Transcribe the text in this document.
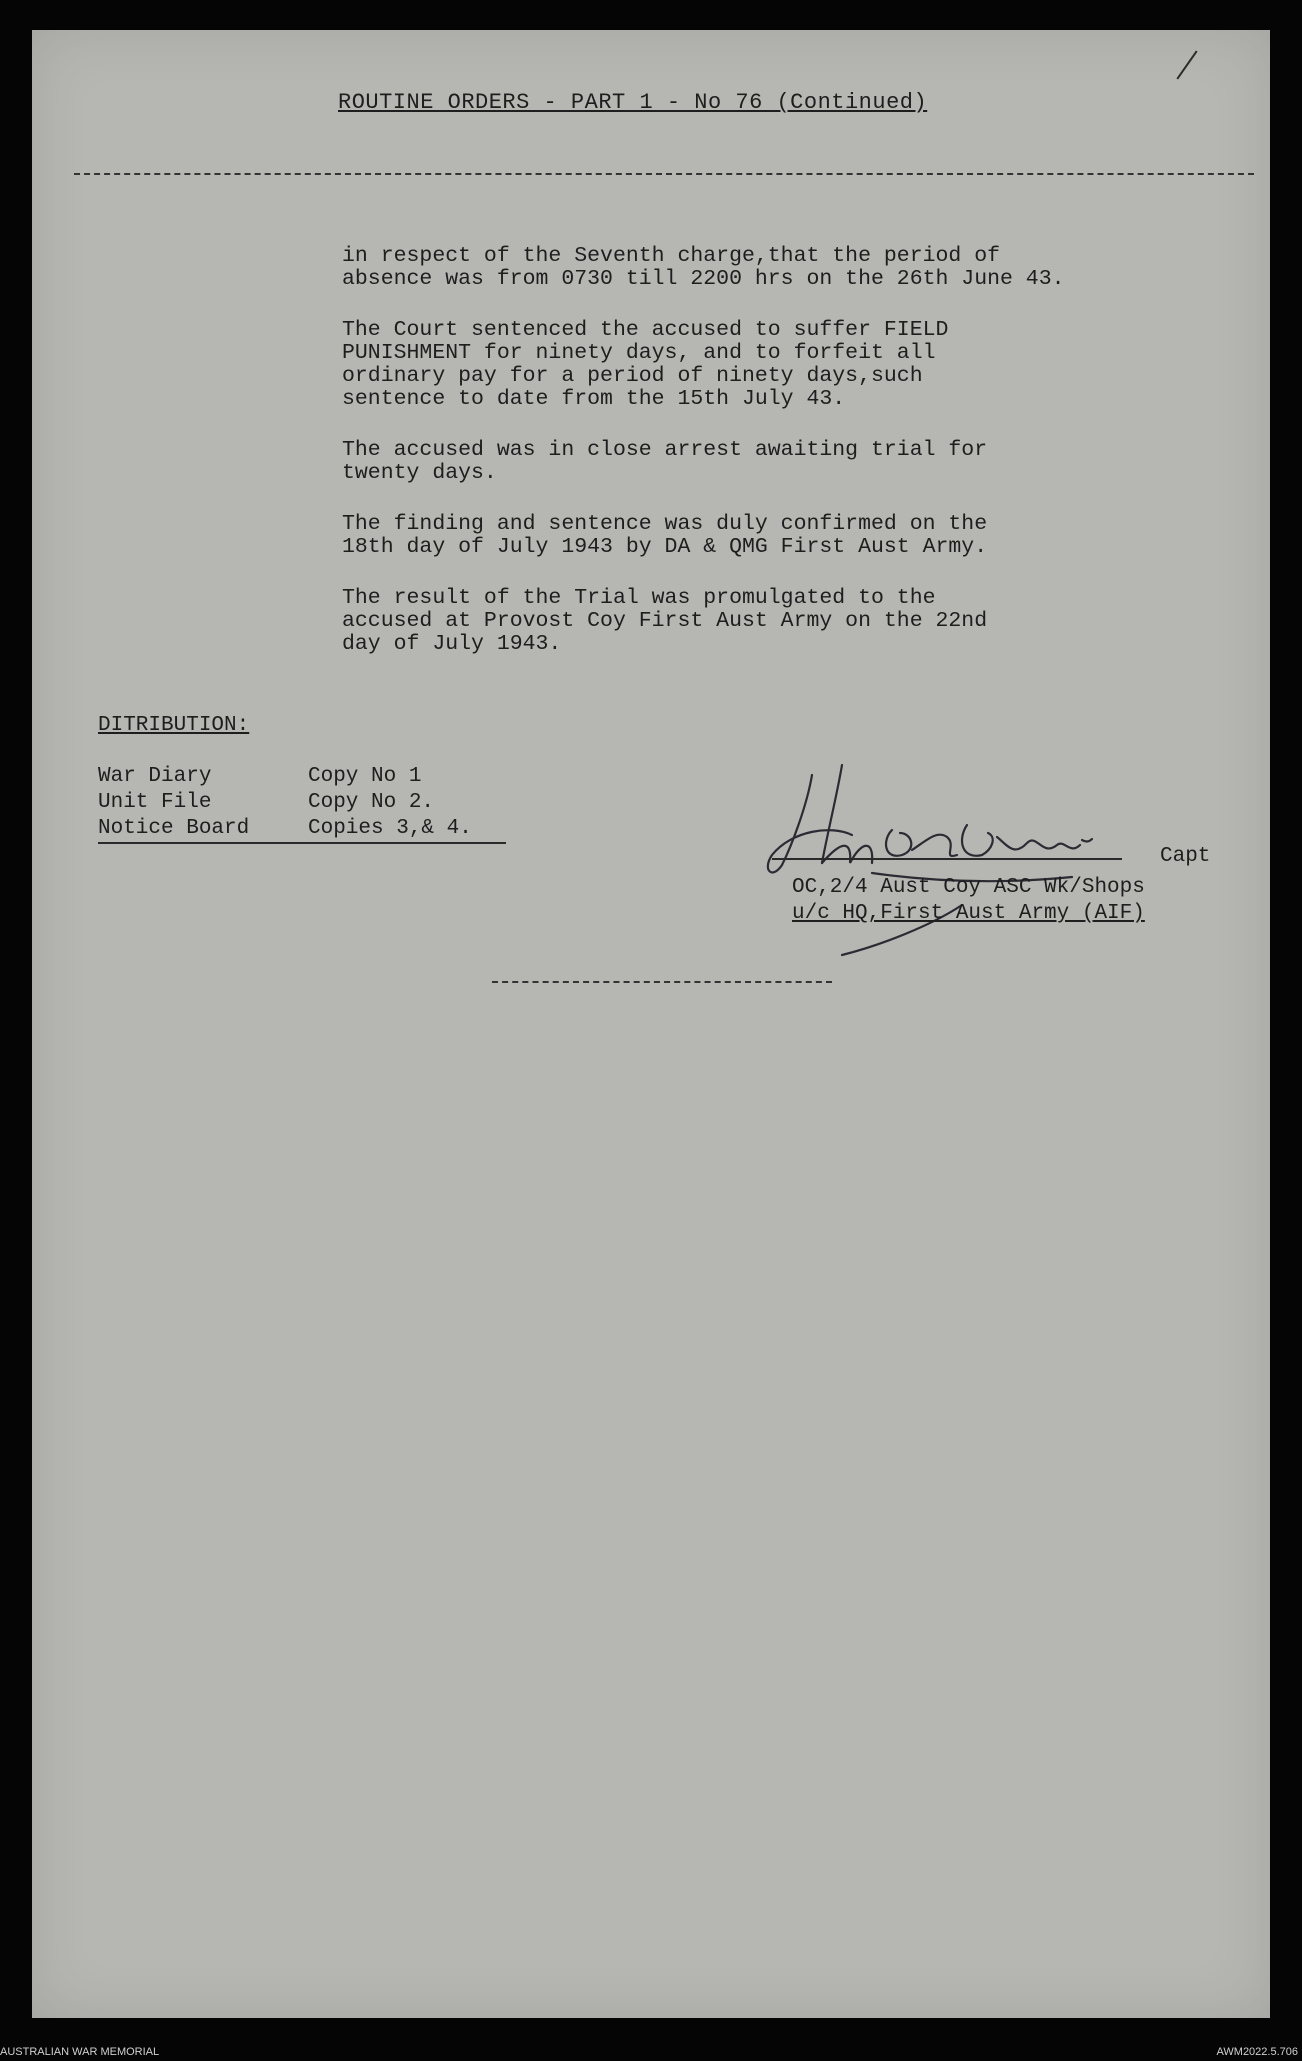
ROUTINE ORDERS - PART 1 - No 76 (Continued)

in respect of the Seventh charge,that the period of
absence was from 0730 till 2200 hrs on the 26th June 43.

The Court sentenced the accused to suffer FIELD
PUNISHMENT for ninety days, and to forfeit all
ordinary pay for a period of ninety days,such
sentence to date from the 15th July 43.

The accused was in close arrest awaiting trial for
twenty days.

The finding and sentence was duly confirmed on the
18th day of July 1943 by DA & QMG First Aust Army.

The result of the Trial was promulgated to the
accused at Provost Coy First Aust Army on the 22nd
day of July 1943.

DITRIBUTION:
War Diary	Copy No 1
Unit File	Copy No 2.
Notice Board	Copies 3,& 4.
Capt
OC,2/4 Aust Coy ASC Wk/Shops
u/c HQ,First Aust Army (AIF)
AUSTRALIAN WAR MEMORIAL	AWM2022.5.706
